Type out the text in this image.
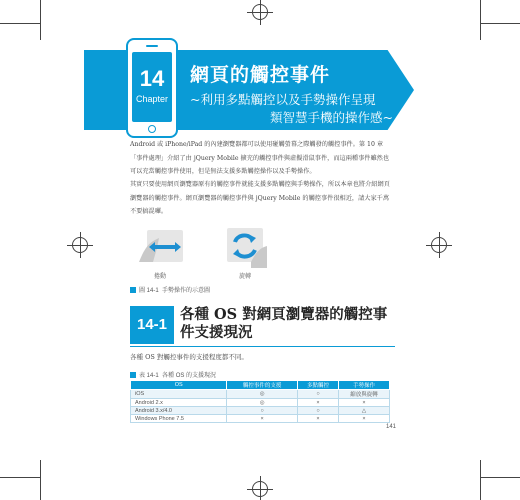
14
Chapter
網頁的觸控事件
~利用多點觸控以及手勢操作呈現
類智慧手機的操作感~

Android 或 iPhone/iPad 的內建瀏覽器都可以使用碰觸螢幕之際觸發的觸控事件。第 10 章「事件處理」介紹了由 jQuery Mobile 擴充的觸控事件與虛擬滑鼠事件，而這兩種事件雖然也可以充當觸控事件使用，但是無法支援多點觸控操作以及手勢操作。

其實只要使用網頁瀏覽器原有的觸控事件就能支援多點觸控與手勢操作，所以本章也將介紹網頁瀏覽器的觸控事件。網頁瀏覽器的觸控事件與 jQuery Mobile 的觸控事件很相近，請大家千萬不要搞混囉。

捲動	旋轉
圖 14-1 手勢操作的示意圖
14-1
各種 OS 對網頁瀏覽器的觸控事件支援現況
各種 OS 對觸控事件的支援程度都不同。
表 14-1 各種 OS 的支援現況
OS	觸控事件的支援	多點觸控	手勢操作
iOS	◎	○	縮放與旋轉
Android 2.x	◎	×	×
Android 3.x/4.0	○	○	△
Windows Phone 7.5	×	×	×
141
